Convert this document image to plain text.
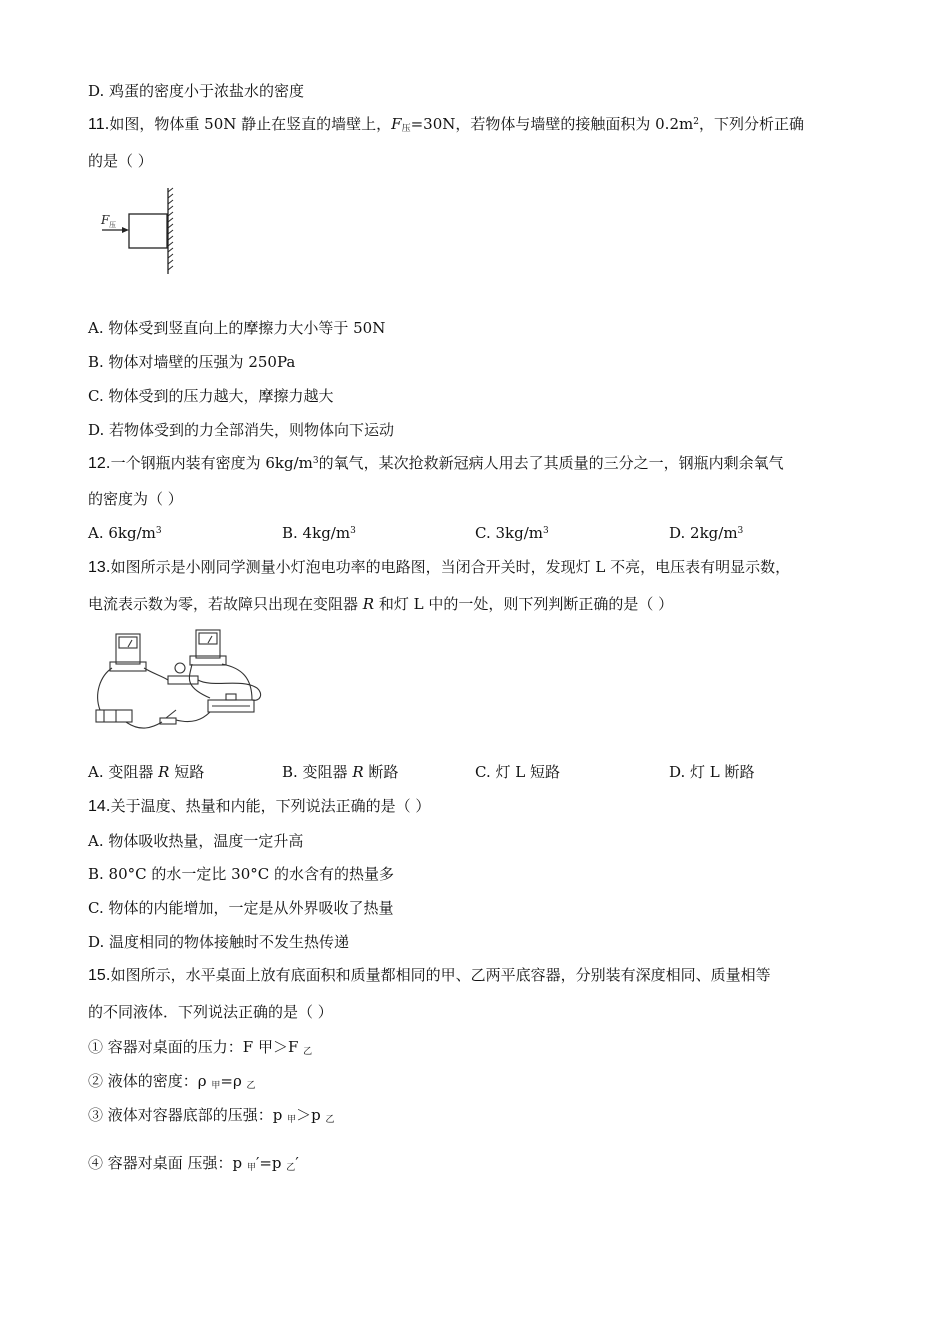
D. 鸡蛋的密度小于浓盐水的密度
11.如图，物体重 50N 静止在竖直的墙壁上，$F_压=30N$，若物体与墙壁的接触面积为 $0.2m^2$，下列分析正确
的是（ ）
F 压
A. 物体受到竖直向上的摩擦力大小等于 50N
B. 物体对墙壁的压强为 250Pa
C. 物体受到的压力越大，摩擦力越大
D. 若物体受到的力全部消失，则物体向下运动
12.一个钢瓶内装有密度为 $6kg/m^3$的氧气，某次抢救新冠病人用去了其质量的三分之一，钢瓶内剩余氧气
的密度为（ ）
A. $6kg/m^3$	B. $4kg/m^3$	C. $3kg/m^3$	D. $2kg/m^3$
13.如图所示是小刚同学测量小灯泡电功率的电路图，当闭合开关时，发现灯 L 不亮，电压表有明显示数，
电流表示数为零，若故障只出现在变阻器 R 和灯 L 中的一处，则下列判断正确的是（ ）
A. 变阻器 R 短路	B. 变阻器 R 断路	C. 灯 L 短路	D. 灯 L 断路
14.关于温度、热量和内能，下列说法正确的是（ ）
A. 物体吸收热量，温度一定升高
B. 80°C 的水一定比 30°C 的水含有的热量多
C. 物体的内能增加，一定是从外界吸收了热量
D. 温度相同的物体接触时不发生热传递
15.如图所示，水平桌面上放有底面积和质量都相同的甲、乙两平底容器，分别装有深度相同、质量相等
的不同液体．下列说法正确的是（ ）
① 容器对桌面的压力：F 甲＞F $_乙$
② 液体的密度：ρ $_甲$=ρ $_乙$
③ 液体对容器底部的压强：p $_甲$＞p $_乙$
④ 容器对桌面 压强：p $_甲$′=p $_乙$′
